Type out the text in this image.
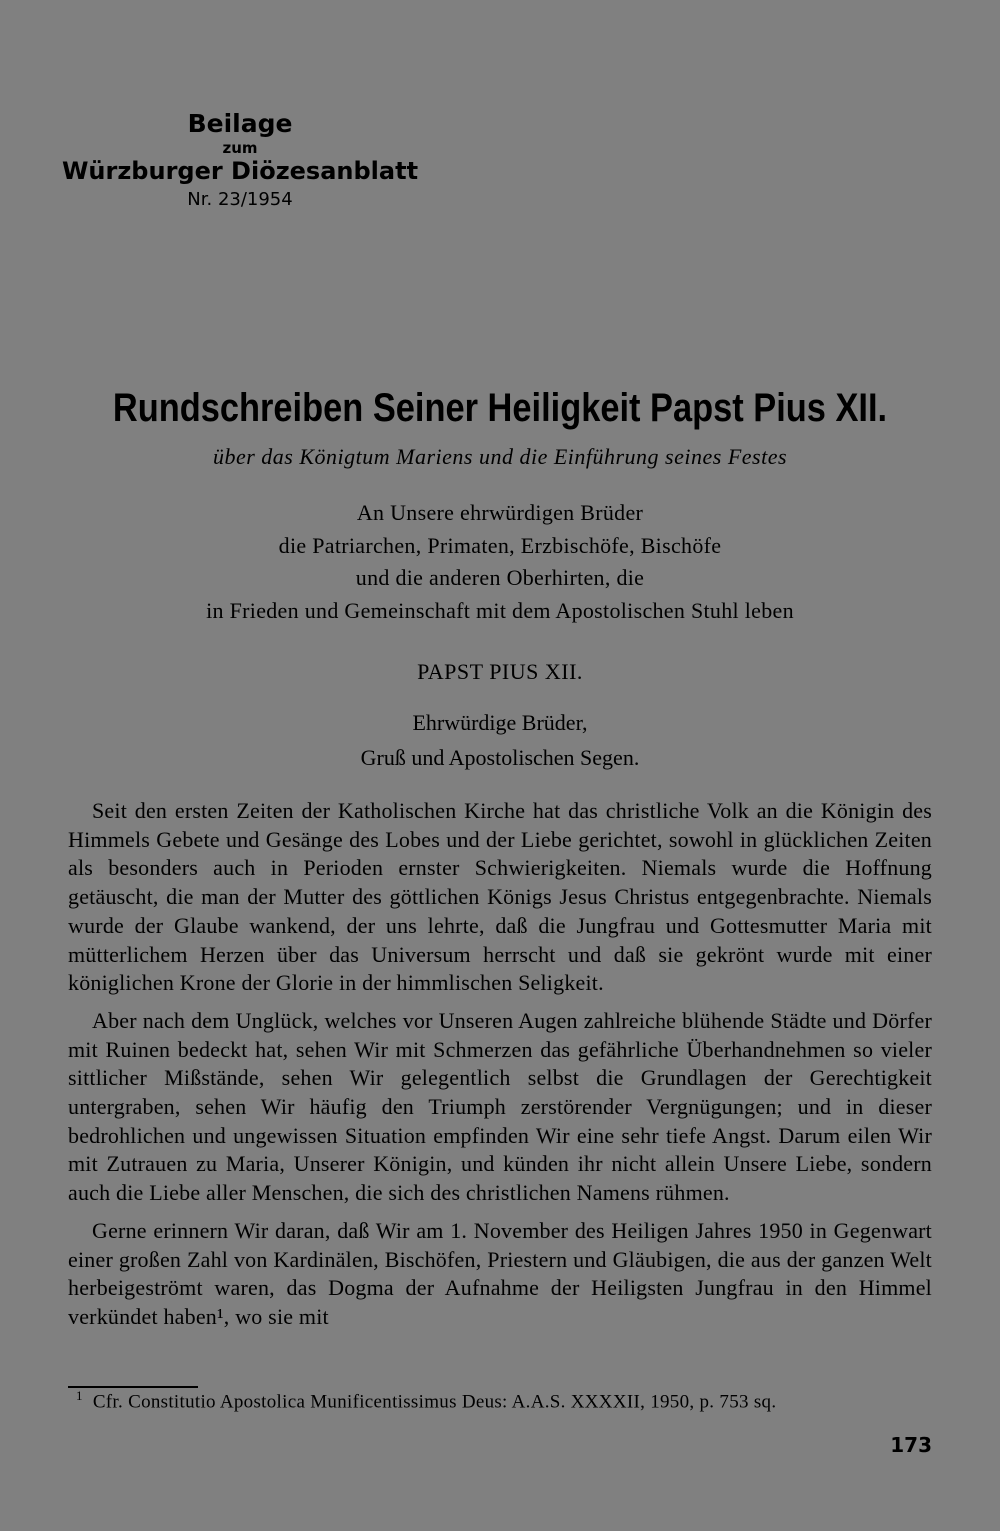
Beilage
zum
Würzburger Diözesanblatt
Nr. 23/1954
Rundschreiben Seiner Heiligkeit Papst Pius XII.
über das Königtum Mariens und die Einführung seines Festes
An Unsere ehrwürdigen Brüder
die Patriarchen, Primaten, Erzbischöfe, Bischöfe
und die anderen Oberhirten, die
in Frieden und Gemeinschaft mit dem Apostolischen Stuhl leben
PAPST PIUS XII.
Ehrwürdige Brüder,
Gruß und Apostolischen Segen.

Seit den ersten Zeiten der Katholischen Kirche hat das christliche Volk an die Königin des Himmels Gebete und Gesänge des Lobes und der Liebe gerichtet, sowohl in glücklichen Zeiten als besonders auch in Perioden ernster Schwierigkeiten. Niemals wurde die Hoffnung getäuscht, die man der Mutter des göttlichen Königs Jesus Christus entgegenbrachte. Niemals wurde der Glaube wankend, der uns lehrte, daß die Jungfrau und Gottesmutter Maria mit mütterlichem Herzen über das Universum herrscht und daß sie gekrönt wurde mit einer königlichen Krone der Glorie in der himmlischen Seligkeit.

Aber nach dem Unglück, welches vor Unseren Augen zahlreiche blühende Städte und Dörfer mit Ruinen bedeckt hat, sehen Wir mit Schmerzen das gefährliche Überhandnehmen so vieler sittlicher Mißstände, sehen Wir gelegentlich selbst die Grundlagen der Gerechtigkeit untergraben, sehen Wir häufig den Triumph zerstörender Vergnügungen; und in dieser bedrohlichen und ungewissen Situation empfinden Wir eine sehr tiefe Angst. Darum eilen Wir mit Zutrauen zu Maria, Unserer Königin, und künden ihr nicht allein Unsere Liebe, sondern auch die Liebe aller Menschen, die sich des christlichen Namens rühmen.

Gerne erinnern Wir daran, daß Wir am 1. November des Heiligen Jahres 1950 in Gegenwart einer großen Zahl von Kardinälen, Bischöfen, Priestern und Gläubigen, die aus der ganzen Welt herbeigeströmt waren, das Dogma der Aufnahme der Heiligsten Jungfrau in den Himmel verkündet haben¹, wo sie mit

$^1$ Cfr. Constitutio Apostolica Munificentissimus Deus: A.A.S. XXXXII, 1950, p. 753 sq.
173
